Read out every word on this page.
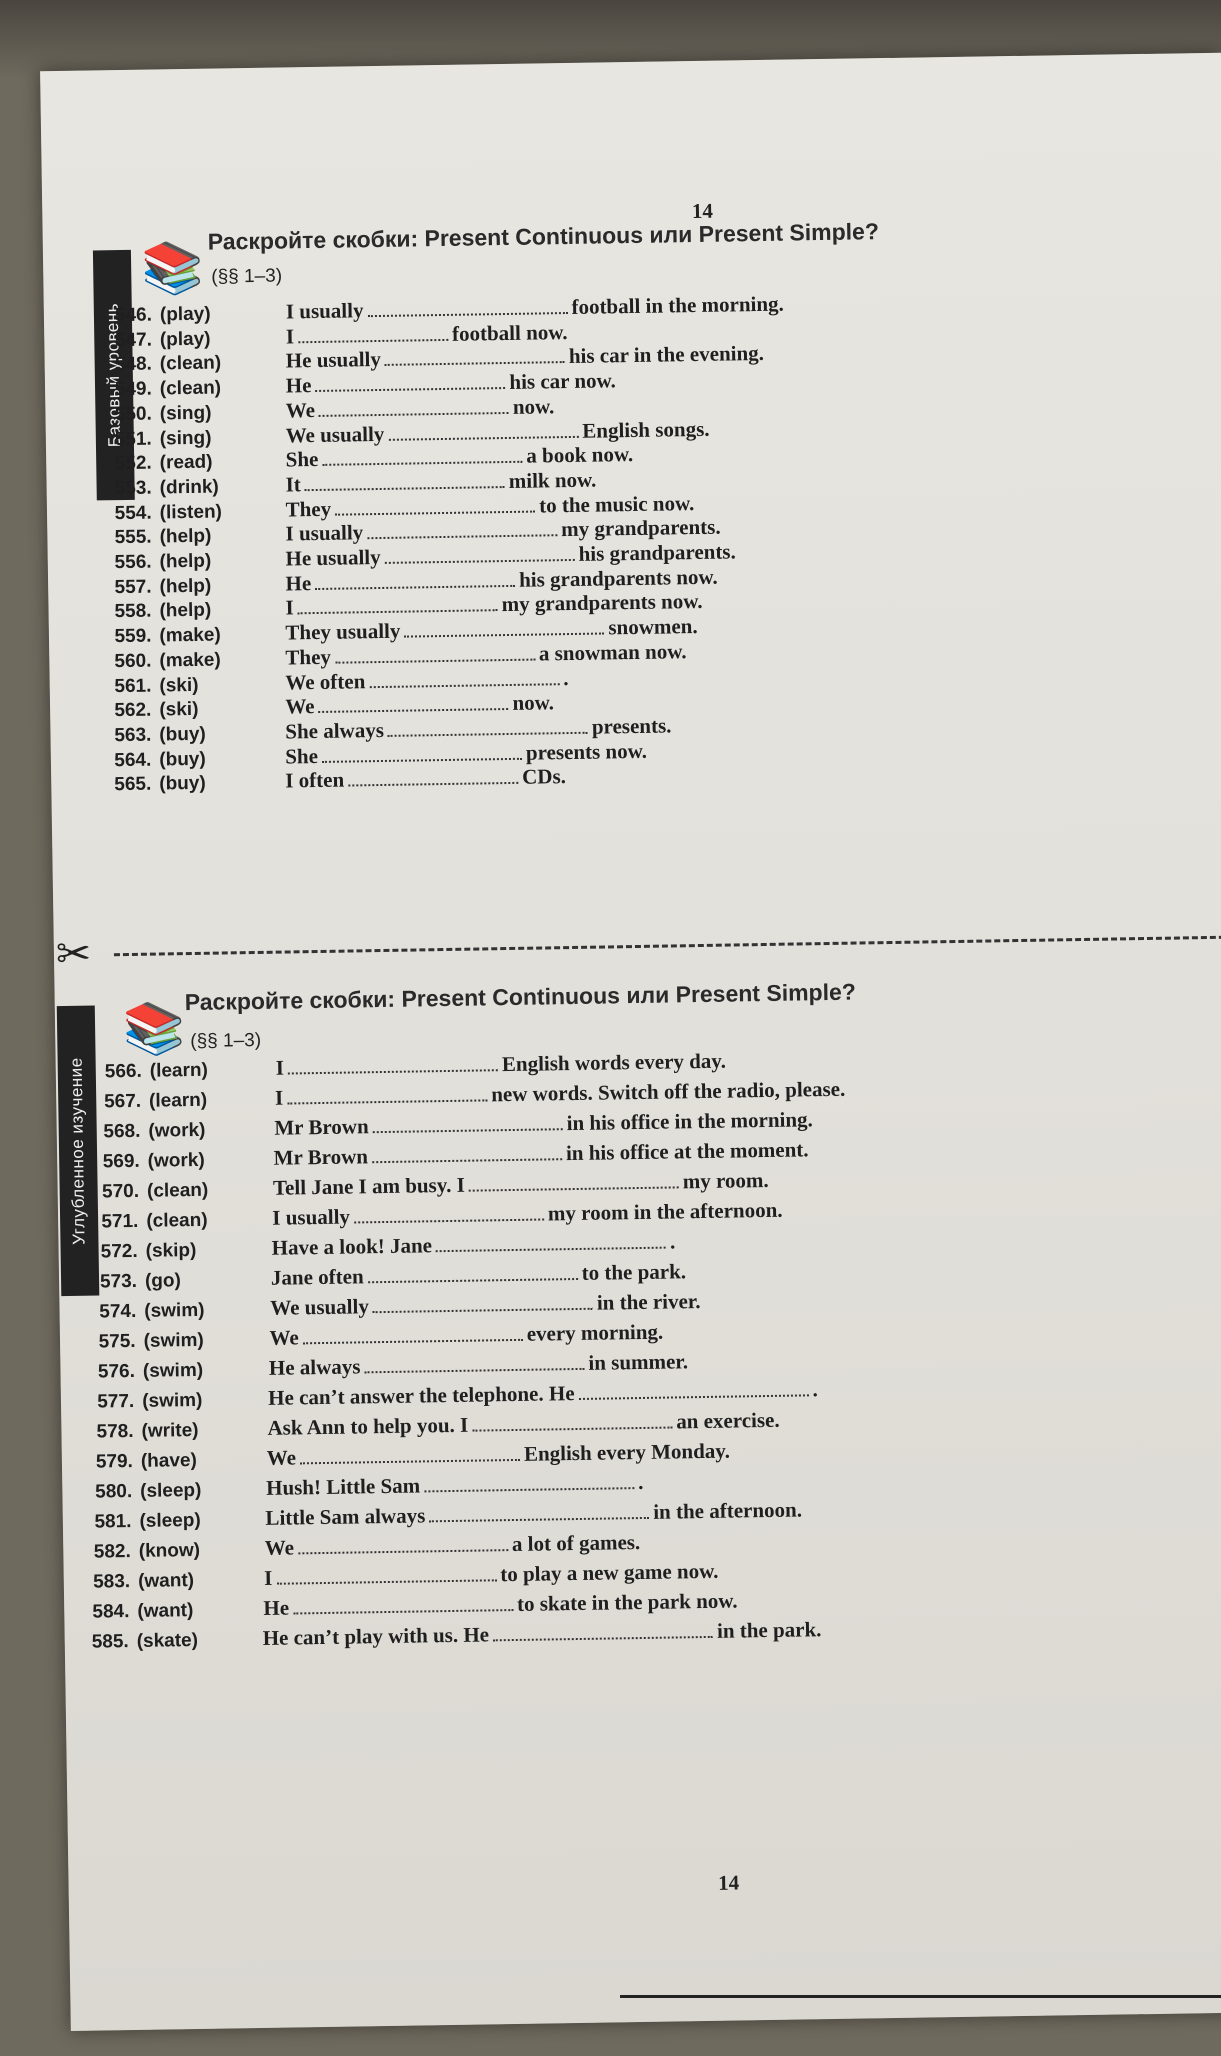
14
Базовый уровень
📚
Раскройте скобки: Present Continuous или Present Simple?
(§§ 1–3)
✂
Углубленное изучение
📚
Раскройте скобки: Present Continuous или Present Simple?
(§§ 1–3)
546. (play)	I usually	football in the morning.
547. (play)	I	football now.
548. (clean)	He usually	his car in the evening.
549. (clean)	He	his car now.
550. (sing)	We	now.
551. (sing)	We usually	English songs.
552. (read)	She	a book now.
553. (drink)	It	milk now.
554. (listen)	They	to the music now.
555. (help)	I usually	my grandparents.
556. (help)	He usually	his grandparents.
557. (help)	He	his grandparents now.
558. (help)	I	my grandparents now.
559. (make)	They usually	snowmen.
560. (make)	They	a snowman now.
561. (ski)	We often	.
562. (ski)	We	now.
563. (buy)	She always	presents.
564. (buy)	She	presents now.
565. (buy)	I often	CDs.
566. (learn)	I	English words every day.
567. (learn)	I	new words. Switch off the radio, please.
568. (work)	Mr Brown	in his office in the morning.
569. (work)	Mr Brown	in his office at the moment.
570. (clean)	Tell Jane I am busy. I	my room.
571. (clean)	I usually	my room in the afternoon.
572. (skip)	Have a look! Jane	.
573. (go)	Jane often	to the park.
574. (swim)	We usually	in the river.
575. (swim)	We	every morning.
576. (swim)	He always	in summer.
577. (swim)	He can’t answer the telephone. He	.
578. (write)	Ask Ann to help you. I	an exercise.
579. (have)	We	English every Monday.
580. (sleep)	Hush! Little Sam	.
581. (sleep)	Little Sam always	in the afternoon.
582. (know)	We	a lot of games.
583. (want)	I	to play a new game now.
584. (want)	He	to skate in the park now.
585. (skate)	He can’t play with us. He	in the park.
14
